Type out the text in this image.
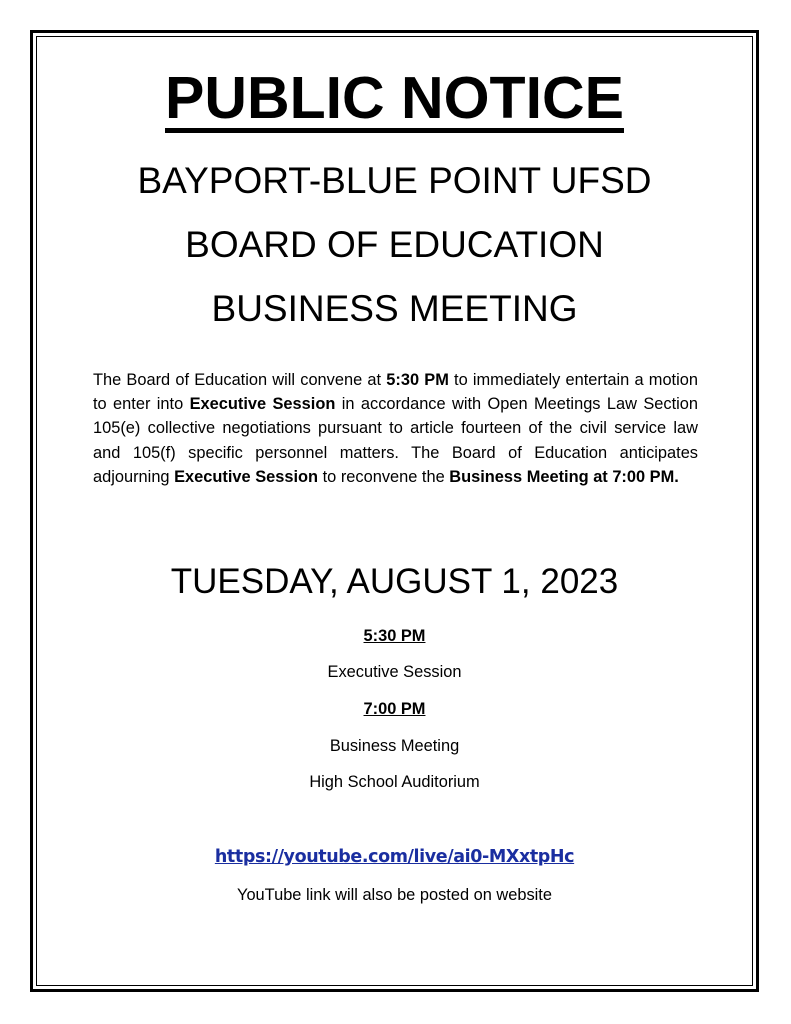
PUBLIC NOTICE
BAYPORT-BLUE POINT UFSD
BOARD OF EDUCATION
BUSINESS MEETING
The Board of Education will convene at 5:30 PM to immediately entertain a motion to enter into Executive Session in accordance with Open Meetings Law Section 105(e) collective negotiations pursuant to article fourteen of the civil service law and 105(f) specific personnel matters. The Board of Education anticipates adjourning Executive Session to reconvene the Business Meeting at 7:00 PM.
TUESDAY, AUGUST 1, 2023
5:30 PM
Executive Session
7:00 PM
Business Meeting
High School Auditorium
https://youtube.com/live/ai0-MXxtpHc
YouTube link will also be posted on website
